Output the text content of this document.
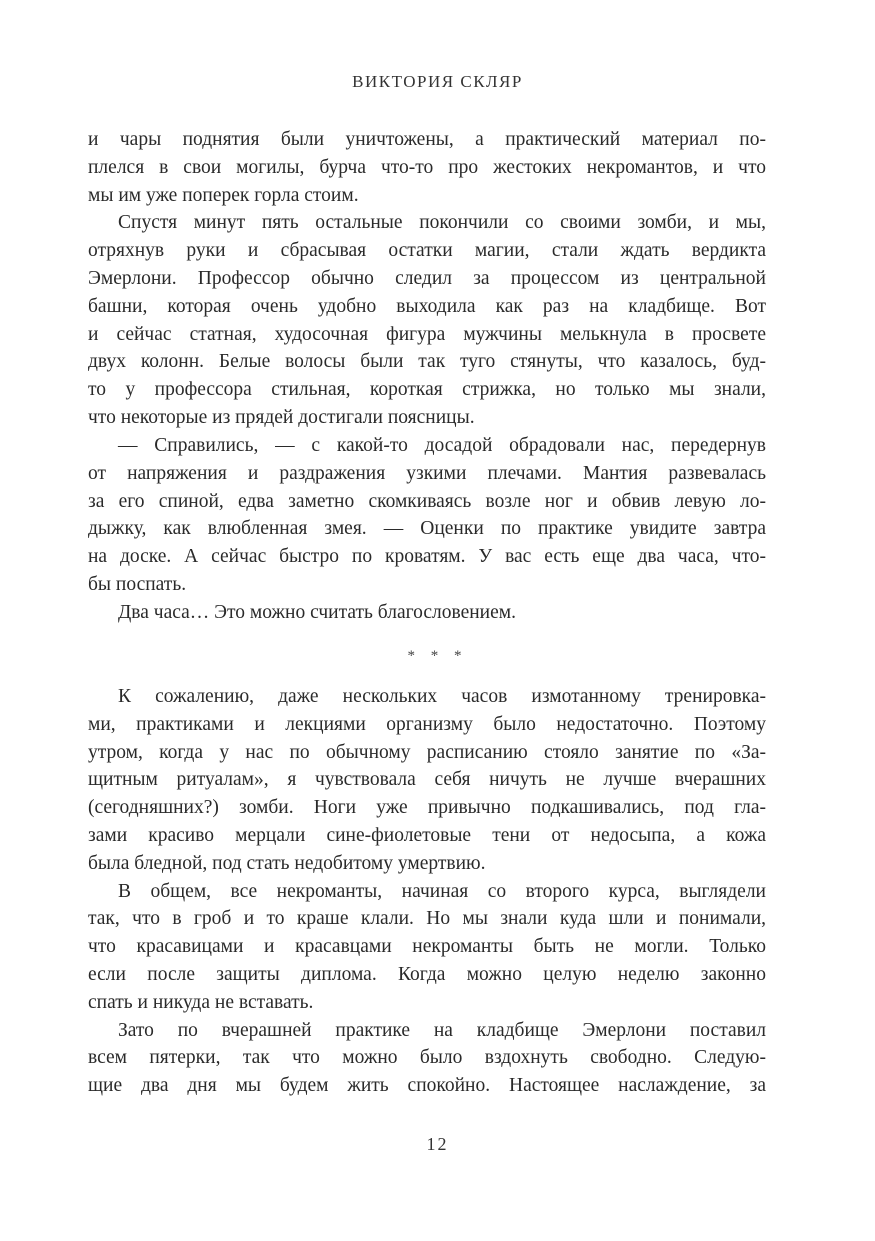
ВИКТОРИЯ СКЛЯР
и чары поднятия были уничтожены, а практический материал по-
плелся в свои могилы, бурча что-то про жестоких некромантов, и что
мы им уже поперек горла стоим.
Спустя минут пять остальные покончили со своими зомби, и мы,
отряхнув руки и сбрасывая остатки магии, стали ждать вердикта
Эмерлони. Профессор обычно следил за процессом из центральной
башни, которая очень удобно выходила как раз на кладбище. Вот
и сейчас статная, худосочная фигура мужчины мелькнула в просвете
двух колонн. Белые волосы были так туго стянуты, что казалось, буд-
то у профессора стильная, короткая стрижка, но только мы знали,
что некоторые из прядей достигали поясницы.
— Справились, — с какой-то досадой обрадовали нас, передернув
от напряжения и раздражения узкими плечами. Мантия развевалась
за его спиной, едва заметно скомкиваясь возле ног и обвив левую ло-
дыжку, как влюбленная змея. — Оценки по практике увидите завтра
на доске. А сейчас быстро по кроватям. У вас есть еще два часа, что-
бы поспать.
Два часа… Это можно считать благословением.
* * *
К сожалению, даже нескольких часов измотанному тренировка-
ми, практиками и лекциями организму было недостаточно. Поэтому
утром, когда у нас по обычному расписанию стояло занятие по «За-
щитным ритуалам», я чувствовала себя ничуть не лучше вчерашних
(сегодняшних?) зомби. Ноги уже привычно подкашивались, под гла-
зами красиво мерцали сине-фиолетовые тени от недосыпа, а кожа
была бледной, под стать недобитому умертвию.
В общем, все некроманты, начиная со второго курса, выглядели
так, что в гроб и то краше клали. Но мы знали куда шли и понимали,
что красавицами и красавцами некроманты быть не могли. Только
если после защиты диплома. Когда можно целую неделю законно
спать и никуда не вставать.
Зато по вчерашней практике на кладбище Эмерлони поставил
всем пятерки, так что можно было вздохнуть свободно. Следую-
щие два дня мы будем жить спокойно. Настоящее наслаждение, за
12
